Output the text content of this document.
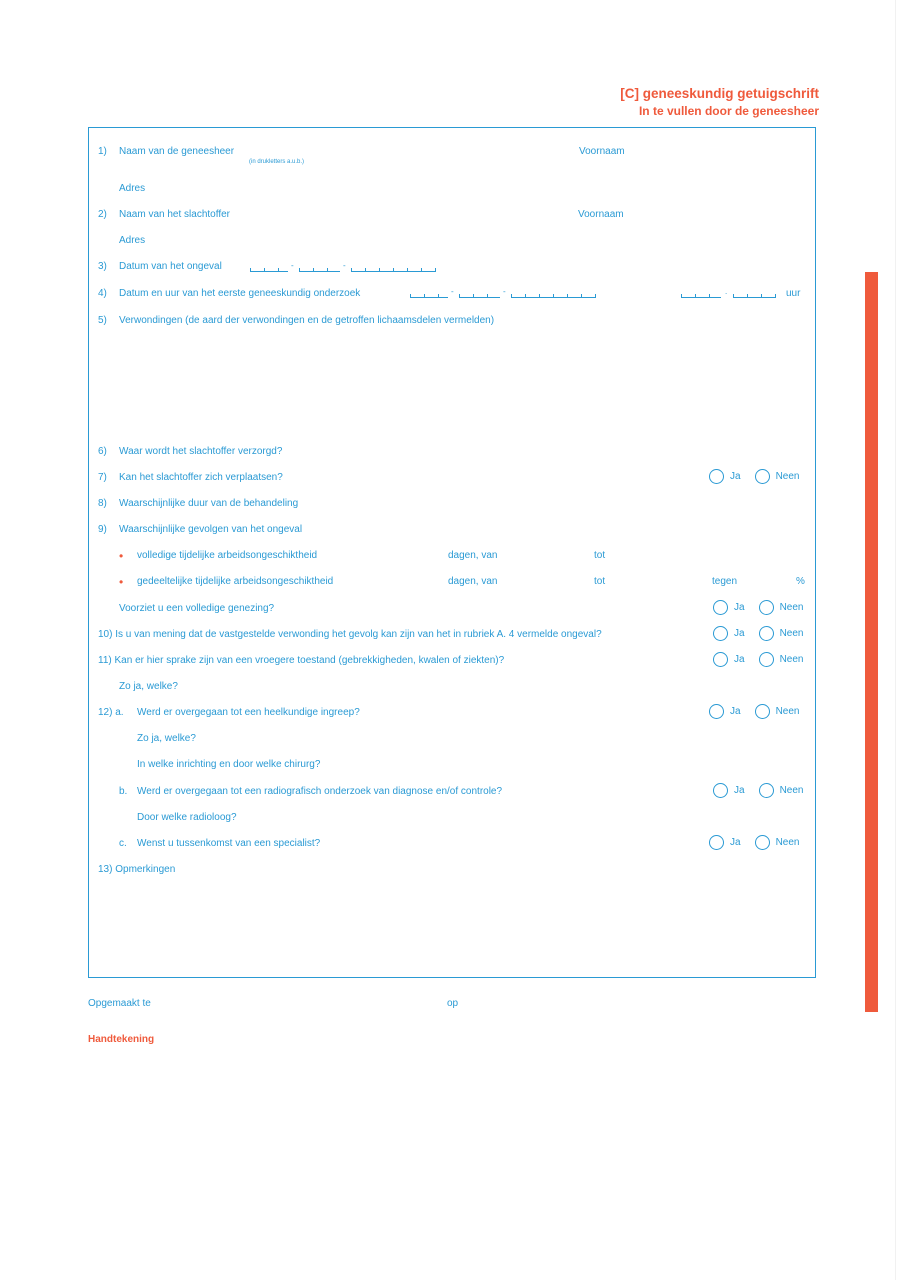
[C] geneeskundig getuigschrift
In te vullen door de geneesheer
1) Naam van de geneesheer
(in drukletters a.u.b.)
Voornaam
Adres
2) Naam van het slachtoffer	Voornaam
Adres
3) Datum van het ongeval	-	-
4) Datum en uur van het eerste geneeskundig onderzoek	-	-	.	uur
5) Verwondingen (de aard der verwondingen en de getroffen lichaamsdelen vermelden)
6) Waar wordt het slachtoffer verzorgd?
7) Kan het slachtoffer zich verplaatsen?	Ja	Neen
8) Waarschijnlijke duur van de behandeling
9) Waarschijnlijke gevolgen van het ongeval
• volledige tijdelijke arbeidsongeschiktheid	dagen, van	tot
• gedeeltelijke tijdelijke arbeidsongeschiktheid	dagen, van	tot	tegen	%
Voorziet u een volledige genezing?	Ja	Neen
10) Is u van mening dat de vastgestelde verwonding het gevolg kan zijn van het in rubriek A. 4 vermelde ongeval?	Ja	Neen
11) Kan er hier sprake zijn van een vroegere toestand (gebrekkigheden, kwalen of ziekten)?	Ja	Neen
Zo ja, welke?
12) a. Werd er overgegaan tot een heelkundige ingreep?	Ja	Neen
Zo ja, welke?
In welke inrichting en door welke chirurg?
b. Werd er overgegaan tot een radiografisch onderzoek van diagnose en/of controle?	Ja	Neen
Door welke radioloog?
c. Wenst u tussenkomst van een specialist?	Ja	Neen
13) Opmerkingen
Opgemaakt te	op
Handtekening
